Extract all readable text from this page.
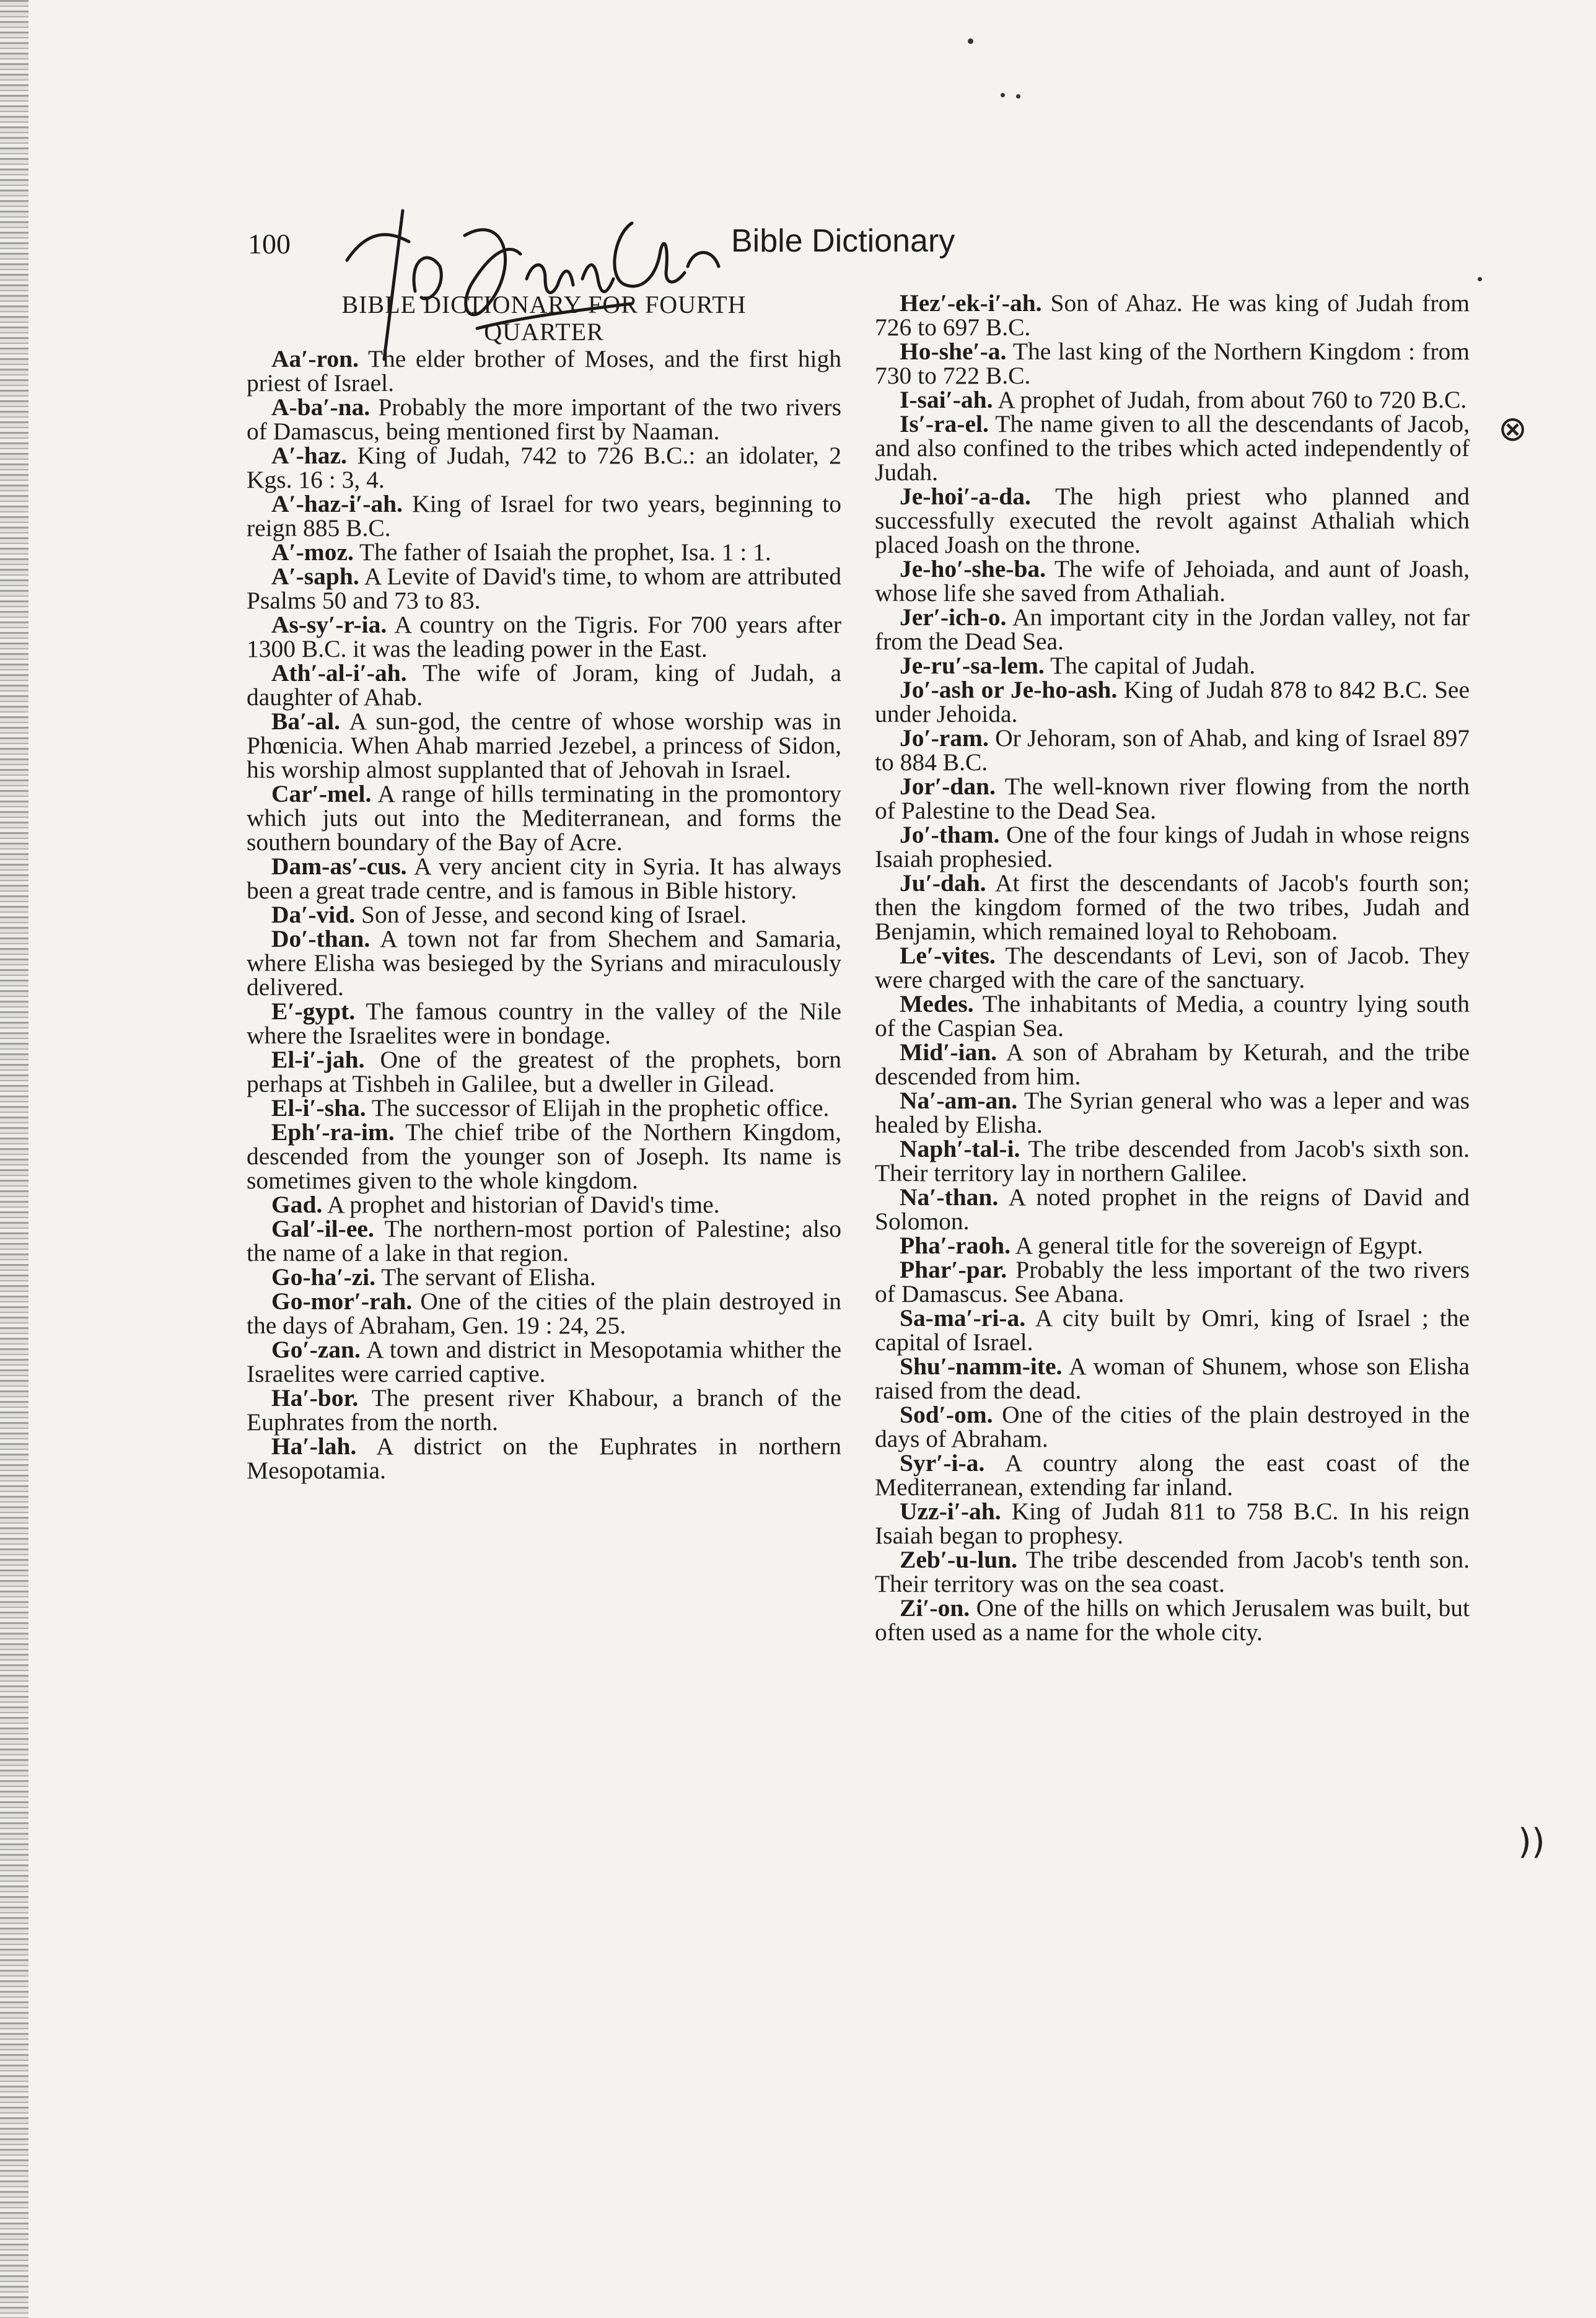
100	Bible Dictionary
BIBLE DICTIONARY FOR FOURTH
QUARTER

Aa′-ron. The elder brother of Moses, and the first high priest of Israel.

A-ba′-na. Probably the more important of the two rivers of Damascus, being mentioned first by Naaman.

A′-haz. King of Judah, 742 to 726 B.C.: an idolater, 2 Kgs. 16 : 3, 4.

A′-haz-i′-ah. King of Israel for two years, beginning to reign 885 B.C.

A′-moz. The father of Isaiah the prophet, Isa. 1 : 1.

A′-saph. A Levite of David's time, to whom are attributed Psalms 50 and 73 to 83.

As-sy′-r-ia. A country on the Tigris. For 700 years after 1300 B.C. it was the leading power in the East.

Ath′-al-i′-ah. The wife of Joram, king of Judah, a daughter of Ahab.

Ba′-al. A sun-god, the centre of whose worship was in Phœnicia. When Ahab married Jezebel, a princess of Sidon, his worship almost supplanted that of Jehovah in Israel.

Car′-mel. A range of hills terminating in the promontory which juts out into the Mediterranean, and forms the southern boundary of the Bay of Acre.

Dam-as′-cus. A very ancient city in Syria. It has always been a great trade centre, and is famous in Bible history.

Da′-vid. Son of Jesse, and second king of Israel.

Do′-than. A town not far from Shechem and Samaria, where Elisha was besieged by the Syrians and miraculously delivered.

E′-gypt. The famous country in the valley of the Nile where the Israelites were in bondage.

El-i′-jah. One of the greatest of the prophets, born perhaps at Tishbeh in Galilee, but a dweller in Gilead.

El-i′-sha. The successor of Elijah in the prophetic office.

Eph′-ra-im. The chief tribe of the Northern Kingdom, descended from the younger son of Joseph. Its name is sometimes given to the whole kingdom.

Gad. A prophet and historian of David's time.

Gal′-il-ee. The northern-most portion of Palestine; also the name of a lake in that region.

Go-ha′-zi. The servant of Elisha.

Go-mor′-rah. One of the cities of the plain destroyed in the days of Abraham, Gen. 19 : 24, 25.

Go′-zan. A town and district in Mesopotamia whither the Israelites were carried captive.

Ha′-bor. The present river Khabour, a branch of the Euphrates from the north.

Ha′-lah. A district on the Euphrates in northern Mesopotamia.

Hez′-ek-i′-ah. Son of Ahaz. He was king of Judah from 726 to 697 B.C.

Ho-she′-a. The last king of the Northern Kingdom : from 730 to 722 B.C.

I-sai′-ah. A prophet of Judah, from about 760 to 720 B.C.

Is′-ra-el. The name given to all the descendants of Jacob, and also confined to the tribes which acted independently of Judah.

Je-hoi′-a-da. The high priest who planned and successfully executed the revolt against Athaliah which placed Joash on the throne.

Je-ho′-she-ba. The wife of Jehoiada, and aunt of Joash, whose life she saved from Athaliah.

Jer′-ich-o. An important city in the Jordan valley, not far from the Dead Sea.

Je-ru′-sa-lem. The capital of Judah.

Jo′-ash or Je-ho-ash. King of Judah 878 to 842 B.C. See under Jehoida.

Jo′-ram. Or Jehoram, son of Ahab, and king of Israel 897 to 884 B.C.

Jor′-dan. The well-known river flowing from the north of Palestine to the Dead Sea.

Jo′-tham. One of the four kings of Judah in whose reigns Isaiah prophesied.

Ju′-dah. At first the descendants of Jacob's fourth son; then the kingdom formed of the two tribes, Judah and Benjamin, which remained loyal to Rehoboam.

Le′-vites. The descendants of Levi, son of Jacob. They were charged with the care of the sanctuary.

Medes. The inhabitants of Media, a country lying south of the Caspian Sea.

Mid′-ian. A son of Abraham by Keturah, and the tribe descended from him.

Na′-am-an. The Syrian general who was a leper and was healed by Elisha.

Naph′-tal-i. The tribe descended from Jacob's sixth son. Their territory lay in northern Galilee.

Na′-than. A noted prophet in the reigns of David and Solomon.

Pha′-raoh. A general title for the sovereign of Egypt.

Phar′-par. Probably the less important of the two rivers of Damascus. See Abana.

Sa-ma′-ri-a. A city built by Omri, king of Israel ; the capital of Israel.

Shu′-namm-ite. A woman of Shunem, whose son Elisha raised from the dead.

Sod′-om. One of the cities of the plain destroyed in the days of Abraham.

Syr′-i-a. A country along the east coast of the Mediterranean, extending far inland.

Uzz-i′-ah. King of Judah 811 to 758 B.C. In his reign Isaiah began to prophesy.

Zeb′-u-lun. The tribe descended from Jacob's tenth son. Their territory was on the sea coast.

Zi′-on. One of the hills on which Jerusalem was built, but often used as a name for the whole city.

⊗
))
